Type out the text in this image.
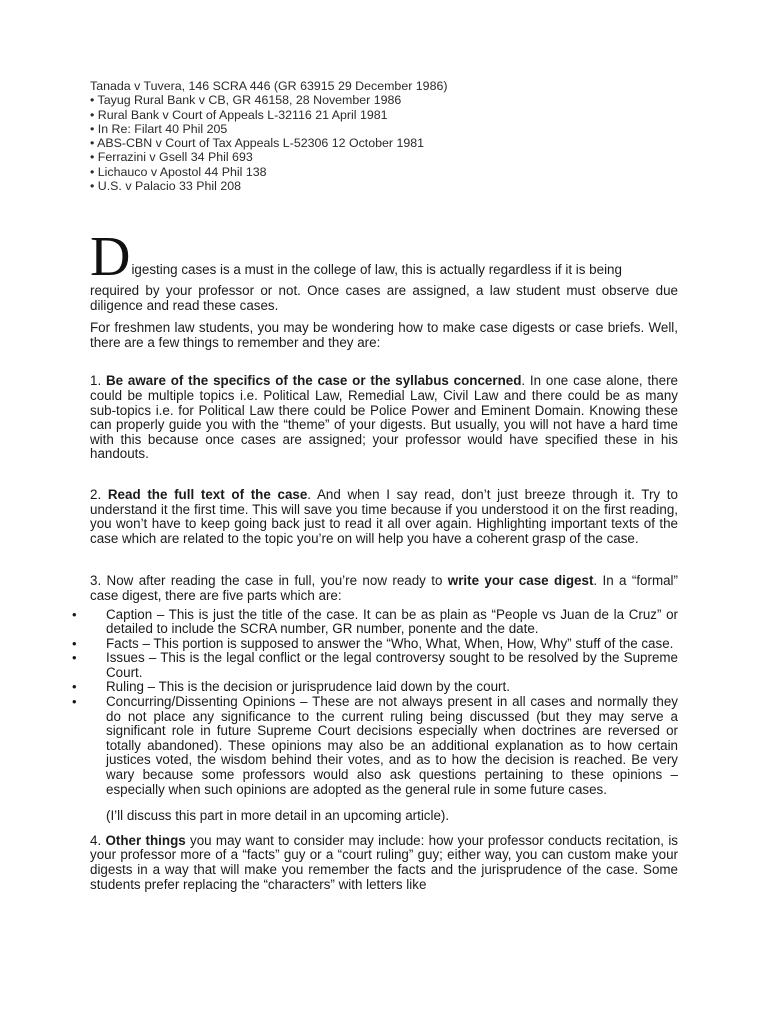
Tanada v Tuvera, 146 SCRA 446 (GR 63915 29 December 1986)
• Tayug Rural Bank v CB, GR 46158, 28 November 1986
• Rural Bank v Court of Appeals L-32116 21 April 1981
• In Re: Filart 40 Phil 205
• ABS-CBN v Court of Tax Appeals L-52306 12 October 1981
• Ferrazini v Gsell 34 Phil 693
• Lichauco v Apostol 44 Phil 138
• U.S. v Palacio 33 Phil 208
D igesting cases is a must in the college of law, this is actually regardless if it is being

required by your professor or not. Once cases are assigned, a law student must observe due diligence and read these cases.

For freshmen law students, you may be wondering how to make case digests or case briefs. Well, there are a few things to remember and they are:

1. Be aware of the specifics of the case or the syllabus concerned. In one case alone, there could be multiple topics i.e. Political Law, Remedial Law, Civil Law and there could be as many sub-topics i.e. for Political Law there could be Police Power and Eminent Domain. Knowing these can properly guide you with the “theme” of your digests. But usually, you will not have a hard time with this because once cases are assigned; your professor would have specified these in his handouts.

2. Read the full text of the case. And when I say read, don’t just breeze through it. Try to understand it the first time. This will save you time because if you understood it on the first reading, you won’t have to keep going back just to read it all over again. Highlighting important texts of the case which are related to the topic you’re on will help you have a coherent grasp of the case.

3. Now after reading the case in full, you’re now ready to write your case digest. In a “formal” case digest, there are five parts which are:

•	Caption – This is just the title of the case. It can be as plain as “People vs Juan de la Cruz” or detailed to include the SCRA number, GR number, ponente and the date.
•	Facts – This portion is supposed to answer the “Who, What, When, How, Why” stuff of the case.
•	Issues – This is the legal conflict or the legal controversy sought to be resolved by the Supreme Court.
•	Ruling – This is the decision or jurisprudence laid down by the court.
•	Concurring/Dissenting Opinions – These are not always present in all cases and normally they do not place any significance to the current ruling being discussed (but they may serve a significant role in future Supreme Court decisions especially when doctrines are reversed or totally abandoned). These opinions may also be an additional explanation as to how certain justices voted, the wisdom behind their votes, and as to how the decision is reached. Be very wary because some professors would also ask questions pertaining to these opinions – especially when such opinions are adopted as the general rule in some future cases.

(I’ll discuss this part in more detail in an upcoming article).

4. Other things you may want to consider may include: how your professor conducts recitation, is your professor more of a “facts” guy or a “court ruling” guy; either way, you can custom make your digests in a way that will make you remember the facts and the jurisprudence of the case. Some students prefer replacing the “characters” with letters like
